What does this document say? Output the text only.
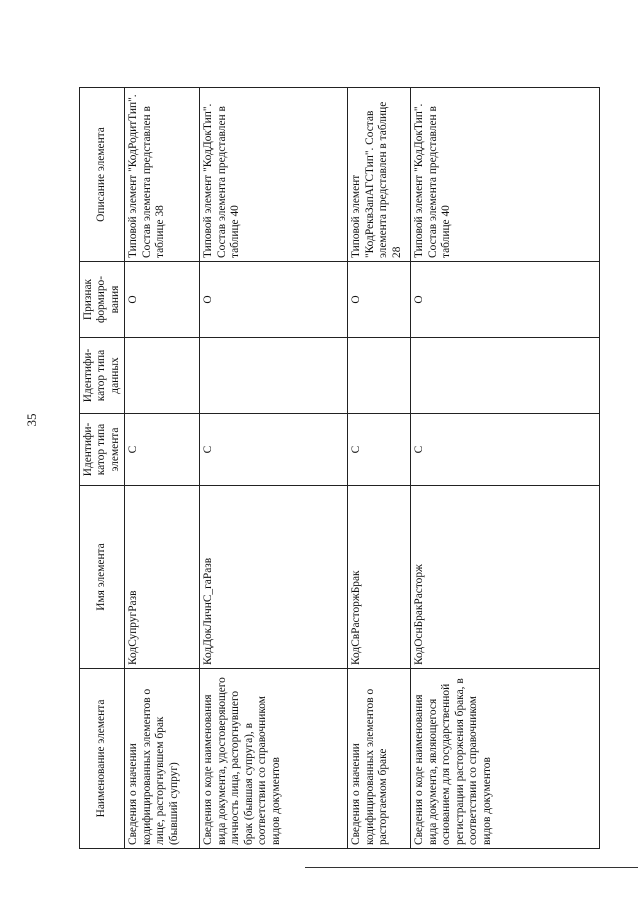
35
Наименование элемента	Имя элемента	Идентифи-катор типа элемента	Идентифи-катор типа данных	Признак формиро-вания	Описание элемента
Сведения о значении кодифицированных элементов о лице, расторгнувшем брак (бывший супруг)	КодСупругРазв	С		О	Типовой элемент "КодРодитТип". Состав элемента представлен в таблице 38
Сведения о коде наименования вида документа, удостоверяющего личность лица, расторгнувшего брак (бывшая супруга), в соответствии со справочником видов документов	КодДокЛичнС_гаРазв	С		О	Типовой элемент "КодДокТип". Состав элемента представлен в таблице 40
Сведения о значении кодифицированных элементов о расторгаемом браке	КодСвРасторжБрак	С		О	Типовой элемент "КодРеквЗапАГСТип". Состав элемента представлен в таблице 28
Сведения о коде наименования вида документа, являющегося основанием для государственной регистрации расторжения брака, в соответствии со справочником видов документов	КодОснБракРасторж	С		О	Типовой элемент "КодДокТип". Состав элемента представлен в таблице 40
